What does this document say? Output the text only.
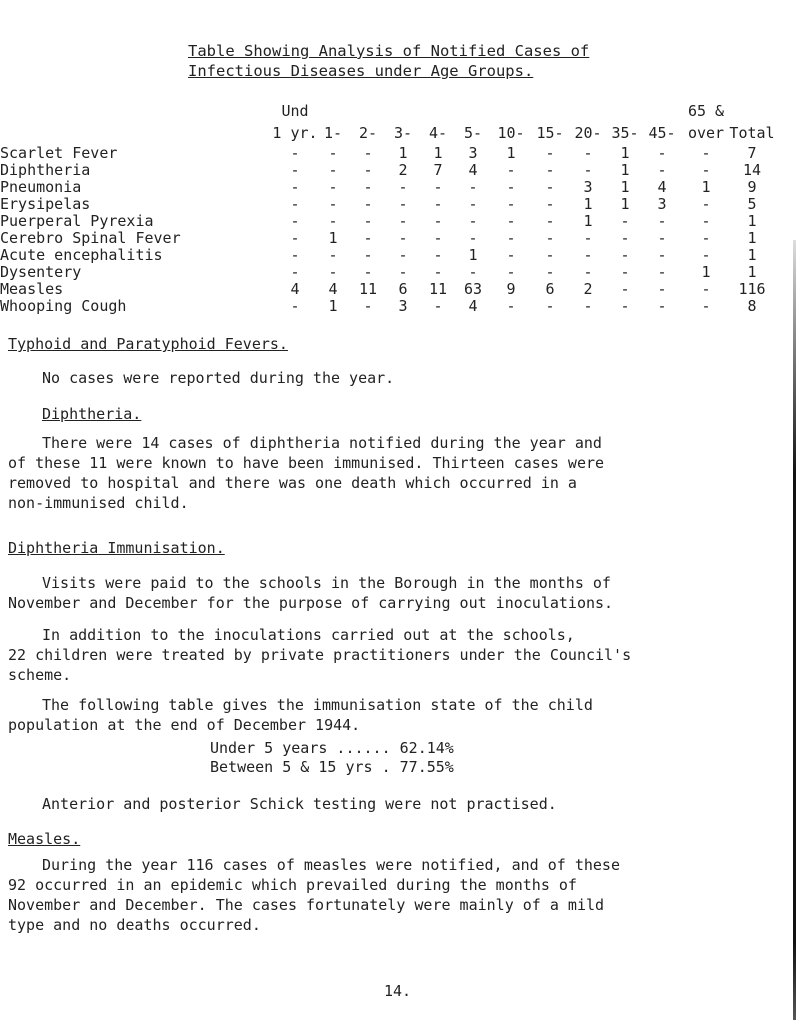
Table Showing Analysis of Notified Cases of
Infectious Diseases under Age Groups.
Und	65 &
1 yr. 1-	2-	3-	4-	5-	10- 15- 20- 35- 45- over Total
Scarlet Fever	-	-	-	1	1	3	1	-	-	1	-	-	7
Diphtheria	-	-	-	2	7	4	-	-	-	1	-	-	14
Pneumonia	-	-	-	-	-	-	-	-	3	1	4	1	9
Erysipelas	-	-	-	-	-	-	-	-	1	1	3	-	5
Puerperal Pyrexia	-	-	-	-	-	-	-	-	1	-	-	-	1
Cerebro Spinal Fever	-	1	-	-	-	-	-	-	-	-	-	-	1
Acute encephalitis	-	-	-	-	-	1	-	-	-	-	-	-	1
Dysentery	-	-	-	-	-	-	-	-	-	-	-	1	1
Measles	4	4	11	6	11	63	9	6	2	-	-	-	116
Whooping Cough	-	1	-	3	-	4	-	-	-	-	-	-	8
Typhoid and Paratyphoid Fevers.
No cases were reported during the year.
Diphtheria.
There were 14 cases of diphtheria notified during the year and
of these 11 were known to have been immunised. Thirteen cases were
removed to hospital and there was one death which occurred in a
non-immunised child.
Diphtheria Immunisation.
Visits were paid to the schools in the Borough in the months of
November and December for the purpose of carrying out inoculations.
In addition to the inoculations carried out at the schools,
22 children were treated by private practitioners under the Council's
scheme.
The following table gives the immunisation state of the child
population at the end of December 1944.
Under 5 years ...... 62.14%
Between 5 & 15 yrs . 77.55%
Anterior and posterior Schick testing were not practised.
Measles.
During the year 116 cases of measles were notified, and of these
92 occurred in an epidemic which prevailed during the months of
November and December. The cases fortunately were mainly of a mild
type and no deaths occurred.
14.
